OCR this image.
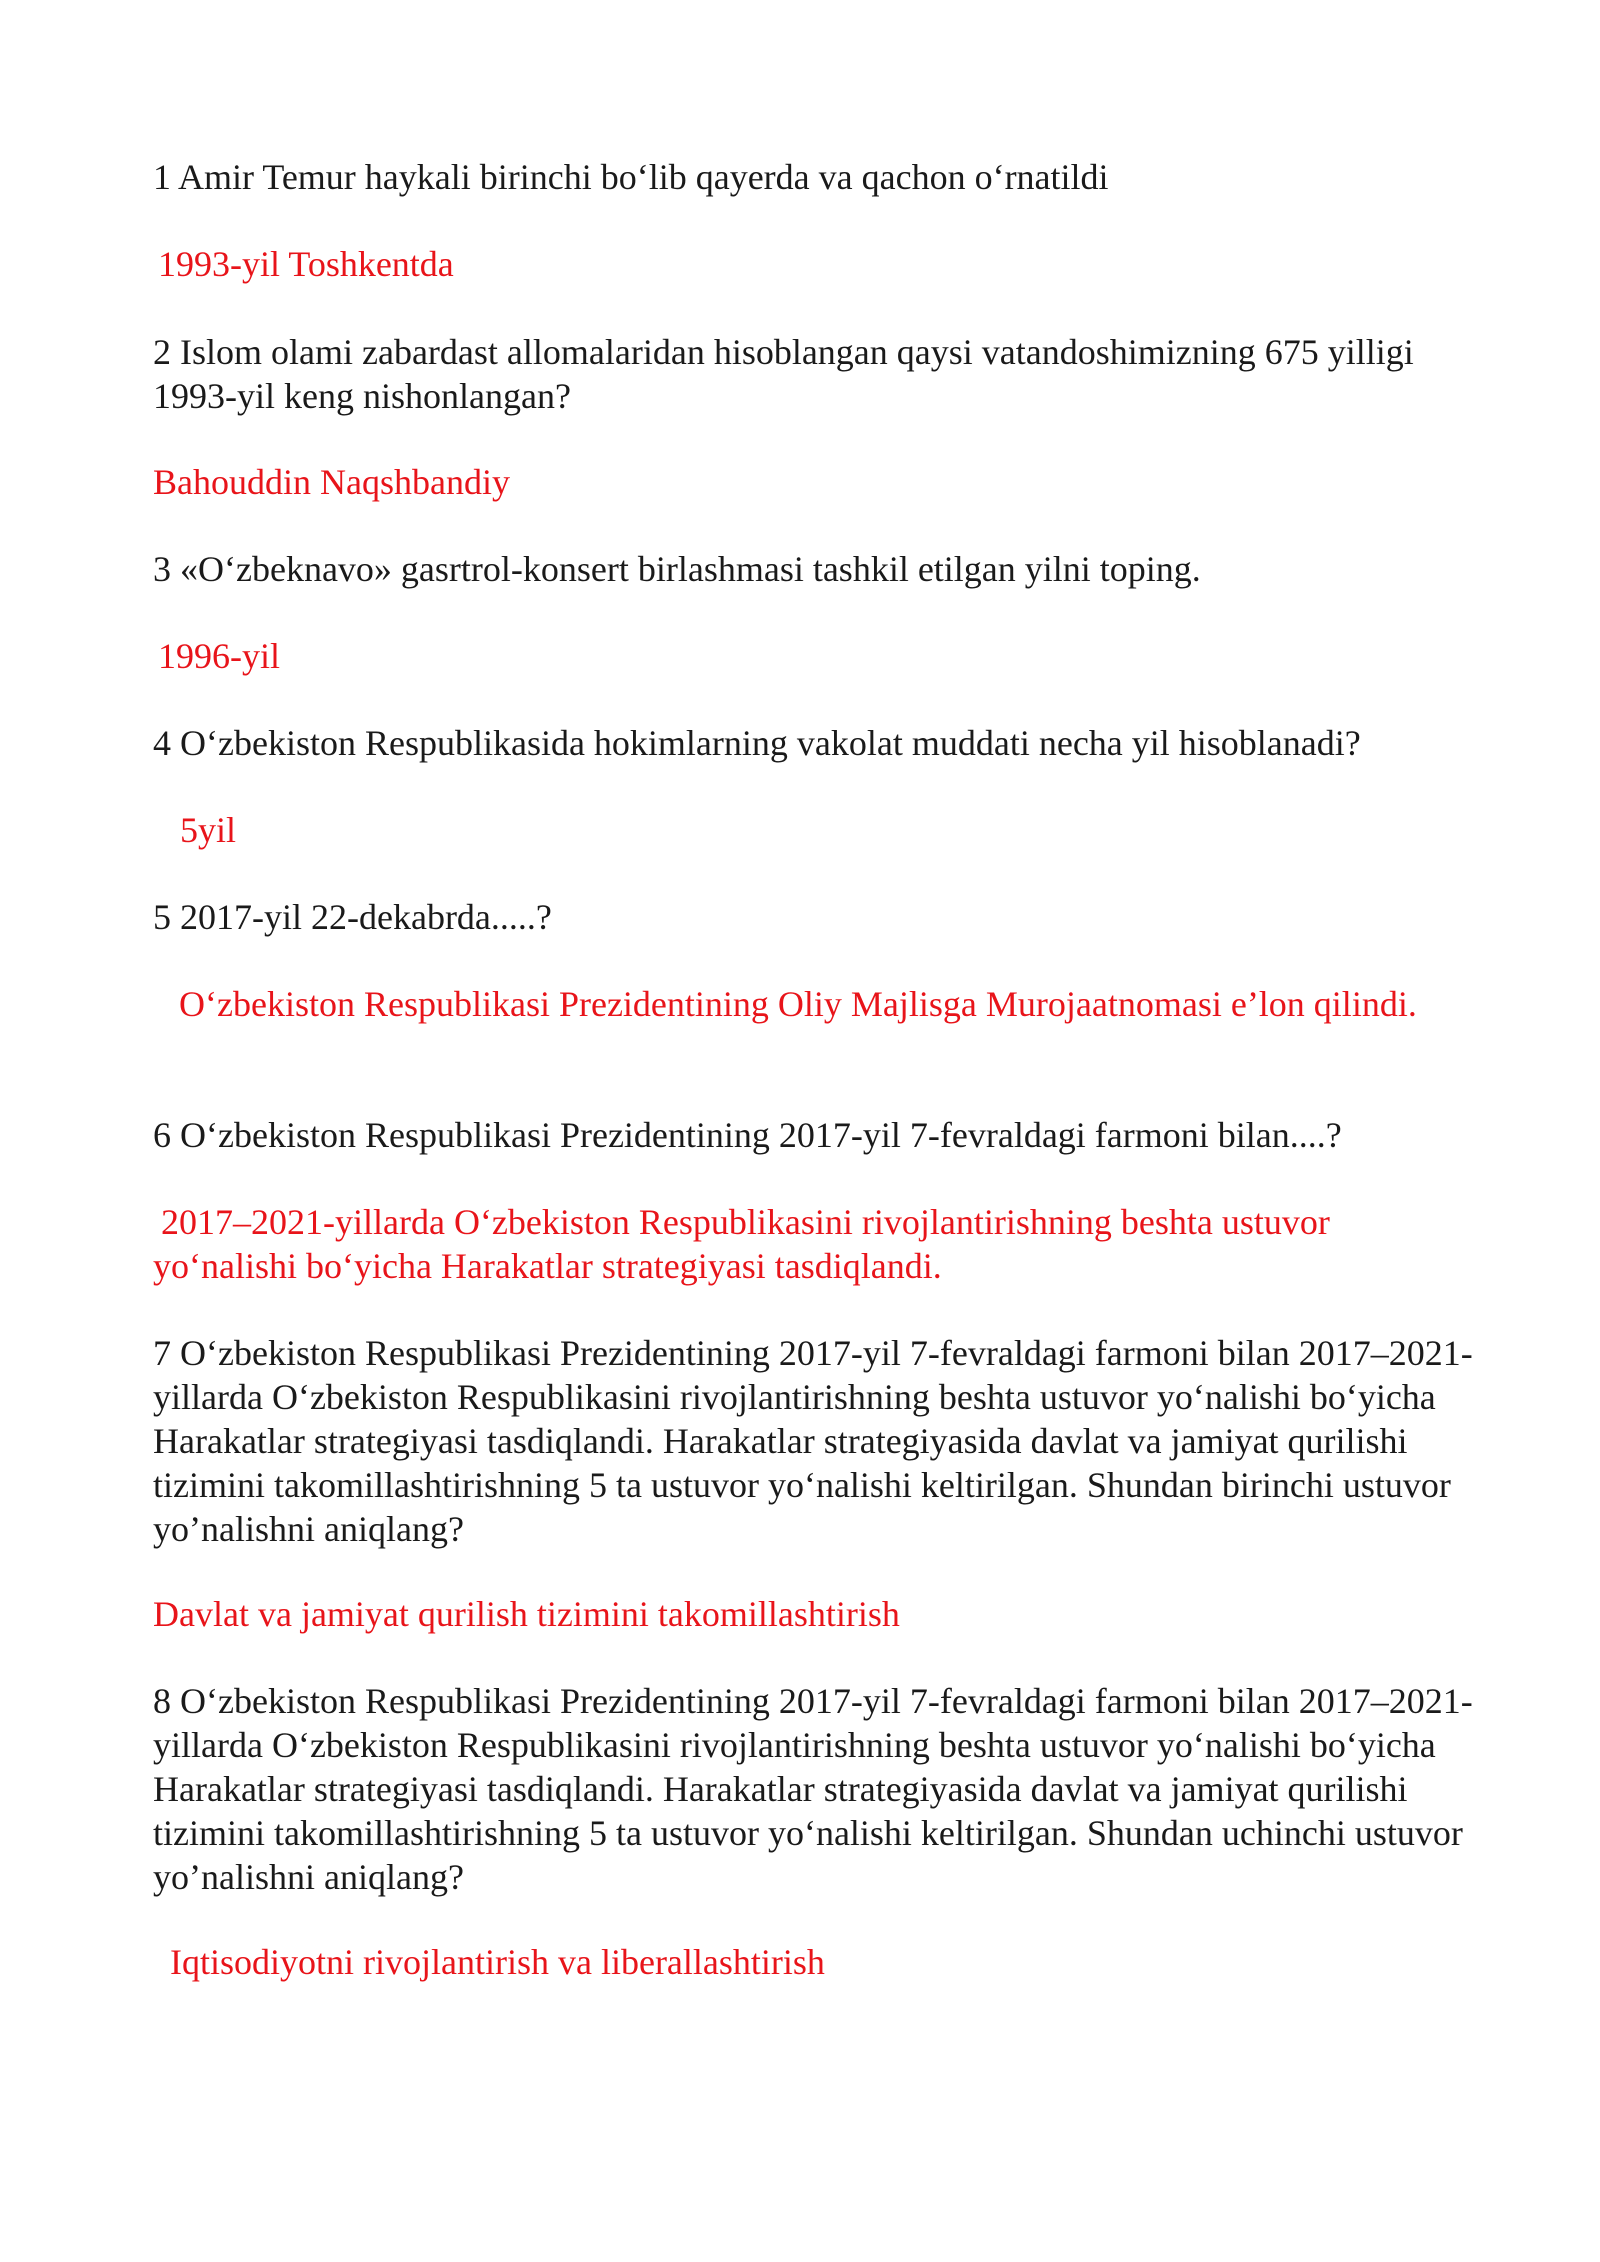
1 Amir Temur haykali birinchi boʻlib qayerda va qachon oʻrnatildi

1993-yil Toshkentda

2 Islom olami zabardast allomalaridan hisoblangan qaysi vatandoshimizning 675 yilligi 1993-yil keng nishonlangan?

Bahouddin Naqshbandiy

3 «Oʻzbeknavo» gasrtrol-konsert birlashmasi tashkil etilgan yilni toping.

1996-yil

4 Oʻzbekiston Respublikasida hokimlarning vakolat muddati necha yil hisoblanadi?

5yil

5 2017-yil 22-dekabrda.....?

Oʻzbekiston Respublikasi Prezidentining Oliy Majlisga Murojaatnomasi e’lon qilindi.

6 Oʻzbekiston Respublikasi Prezidentining 2017-yil 7-fevraldagi farmoni bilan....?

2017–2021-yillarda Oʻzbekiston Respublikasini rivojlantirishning beshta ustuvor yoʻnalishi boʻyicha Harakatlar strategiyasi tasdiqlandi.

7 Oʻzbekiston Respublikasi Prezidentining 2017-yil 7-fevraldagi farmoni bilan 2017–2021-yillarda Oʻzbekiston Respublikasini rivojlantirishning beshta ustuvor yoʻnalishi boʻyicha Harakatlar strategiyasi tasdiqlandi. Harakatlar strategiyasida davlat va jamiyat qurilishi tizimini takomillashtirishning 5 ta ustuvor yoʻnalishi keltirilgan. Shundan birinchi ustuvor yo’nalishni aniqlang?

Davlat va jamiyat qurilish tizimini takomillashtirish

8 Oʻzbekiston Respublikasi Prezidentining 2017-yil 7-fevraldagi farmoni bilan 2017–2021-yillarda Oʻzbekiston Respublikasini rivojlantirishning beshta ustuvor yoʻnalishi boʻyicha Harakatlar strategiyasi tasdiqlandi. Harakatlar strategiyasida davlat va jamiyat qurilishi tizimini takomillashtirishning 5 ta ustuvor yoʻnalishi keltirilgan. Shundan uchinchi ustuvor yo’nalishni aniqlang?

Iqtisodiyotni rivojlantirish va liberallashtirish
